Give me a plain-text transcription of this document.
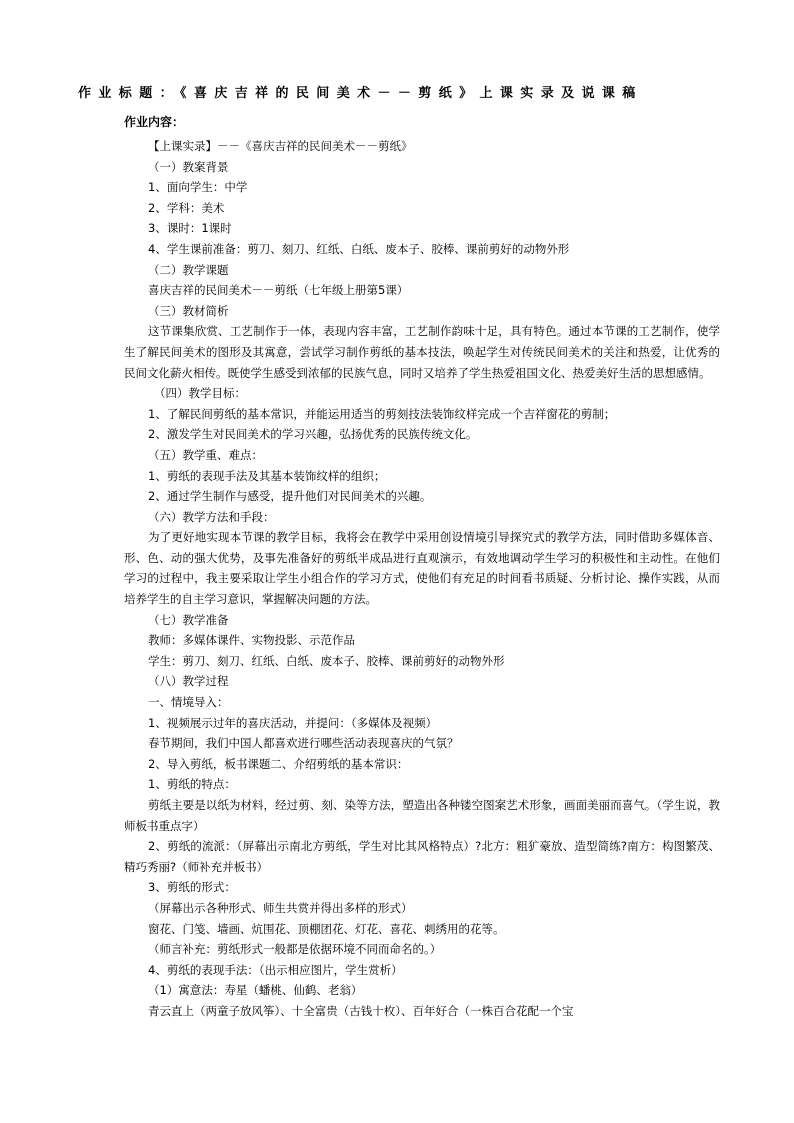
作业标题：《喜庆吉祥的民间美术－－剪纸》上课实录及说课稿
作业内容：
【上课实录】－－《喜庆吉祥的民间美术－－剪纸》
（一）教案背景
1、面向学生：中学
2、学科：美术
3、课时：1课时
4、学生课前准备：剪刀、刻刀、红纸、白纸、废本子、胶棒、课前剪好的动物外形
（二）教学课题
喜庆吉祥的民间美术－－剪纸（七年级上册第5课）
（三）教材简析
这节课集欣赏、工艺制作于一体，表现内容丰富，工艺制作韵味十足，具有特色。通过本节课的工艺制作，使学生了解民间美术的图形及其寓意，尝试学习制作剪纸的基本技法，唤起学生对传统民间美术的关注和热爱，让优秀的民间文化薪火相传。既使学生感受到浓郁的民族气息，同时又培养了学生热爱祖国文化、热爱美好生活的思想感情。
（四）教学目标：
1、了解民间剪纸的基本常识，并能运用适当的剪刻技法装饰纹样完成一个吉祥窗花的剪制；
2、激发学生对民间美术的学习兴趣，弘扬优秀的民族传统文化。
（五）教学重、难点：
1、剪纸的表现手法及其基本装饰纹样的组织；
2、通过学生制作与感受，提升他们对民间美术的兴趣。
（六）教学方法和手段：
为了更好地实现本节课的教学目标，我将会在教学中采用创设情境引导探究式的教学方法，同时借助多媒体音、形、色、动的强大优势，及事先准备好的剪纸半成品进行直观演示，有效地调动学生学习的积极性和主动性。在他们学习的过程中，我主要采取让学生小组合作的学习方式，使他们有充足的时间看书质疑、分析讨论、操作实践，从而培养学生的自主学习意识，掌握解决问题的方法。
（七）教学准备
教师：多媒体课件、实物投影、示范作品
学生：剪刀、刻刀、红纸、白纸、废本子、胶棒、课前剪好的动物外形
（八）教学过程
一、情境导入：
1、视频展示过年的喜庆活动，并提问：（多媒体及视频）
春节期间，我们中国人都喜欢进行哪些活动表现喜庆的气氛？
2、导入剪纸，板书课题二、介绍剪纸的基本常识：
1、剪纸的特点：
剪纸主要是以纸为材料，经过剪、刻、染等方法，塑造出各种镂空图案艺术形象，画面美丽而喜气。（学生说，教师板书重点字）
2、剪纸的流派：（屏幕出示南北方剪纸，学生对比其风格特点）?北方：粗犷豪放、造型简练?南方：构图繁茂、精巧秀丽?（师补充并板书）
3、剪纸的形式：
（屏幕出示各种形式、师生共赏并得出多样的形式）
窗花、门笺、墙画、炕围花、顶棚团花、灯花、喜花、刺绣用的花等。
（师言补充：剪纸形式一般都是依据环境不同而命名的。）
4、剪纸的表现手法：（出示相应图片，学生赏析）
（1）寓意法：寿星（蟠桃、仙鹤、老翁）
青云直上（两童子放风筝）、十全富贵（古钱十枚）、百年好合（一株百合花配一个宝
